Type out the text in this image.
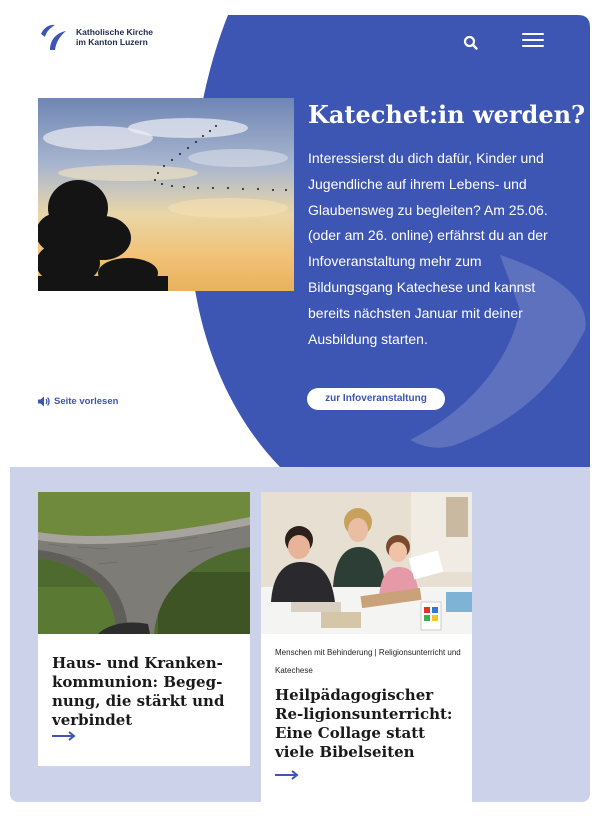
Katholische Kirche
im Kanton Luzern
Katechet:in werden?
Interessierst du dich dafür, Kinder und Jugendliche auf ihrem Lebens- und Glaubensweg zu begleiten? Am 25.06. (oder am 26. online) erfährst du an der Infoveranstaltung mehr zum Bildungsgang Katechese und kannst bereits nächsten Januar mit deiner Ausbildung starten.
zur Infoveranstaltung
Seite vorlesen
Haus- und Kranken-kommunion: Begeg-nung, die stärkt und verbindet
Menschen mit Behinderung | Religionsunterricht und Katechese
Heilpädagogischer Re-ligionsunterricht: Eine Collage statt viele Bibelseiten
